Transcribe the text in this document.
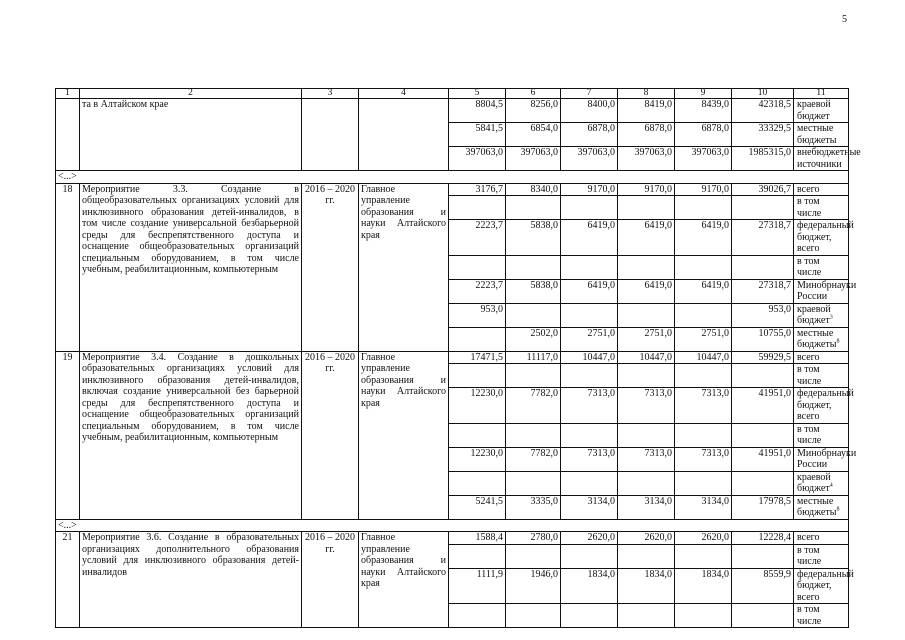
5
1	2	3	4	5	6	7	8	9	10	11
	та в Алтайском крае			8804,5	8256,0	8400,0	8419,0	8439,0	42318,5	краевой бюджет
				5841,5	6854,0	6878,0	6878,0	6878,0	33329,5	местные бюджеты
				397063,0	397063,0	397063,0	397063,0	397063,0	1985315,0	внебюджетные источники
<...>										
18	Мероприятие 3.3. Создание в общеобразовательных организациях условий для инклюзивного образования детей-инвалидов, в том числе создание универсальной безбарьерной среды для беспрепятственного доступа и оснащение общеобразовательных организаций специальным оборудованием, в том числе учебным, реабилитационным, компьютерным	2016 – 2020 гг.	Главное управление образования и науки Алтайского края	3176,7	8340,0	9170,0	9170,0	9170,0	39026,7	всего
										в том числе
				2223,7	5838,0	6419,0	6419,0	6419,0	27318,7	федеральный бюджет, всего
										в том числе
				2223,7	5838,0	6419,0	6419,0	6419,0	27318,7	Минобрнауки России
				953,0					953,0	краевой бюджет$^3$
					2502,0	2751,0	2751,0	2751,0	10755,0	местные бюджеты$^8$
19	Мероприятие 3.4. Создание в дошкольных образовательных организациях условий для инклюзивного образования детей-инвалидов, включая создание универсальной без барьерной среды для беспрепятственного доступа и оснащение общеобразовательных организаций специальным оборудованием, в том числе учебным, реабилитационным, компьютерным	2016 – 2020 гг.	Главное управление образования и науки Алтайского края	17471,5	11117,0	10447,0	10447,0	10447,0	59929,5	всего
										в том числе
				12230,0	7782,0	7313,0	7313,0	7313,0	41951,0	федеральный бюджет, всего
										в том числе
				12230,0	7782,0	7313,0	7313,0	7313,0	41951,0	Минобрнауки России
										краевой бюджет$^4$
				5241,5	3335,0	3134,0	3134,0	3134,0	17978,5	местные бюджеты$^8$
<...>										
21	Мероприятие 3.6. Создание в образовательных организациях дополнительного образования условий для инклюзивного образования детей-инвалидов	2016 – 2020 гг.	Главное управление образования и науки Алтайского края	1588,4	2780,0	2620,0	2620,0	2620,0	12228,4	всего
										в том числе
				1111,9	1946,0	1834,0	1834,0	1834,0	8559,9	федеральный бюджет, всего
										в том числе
